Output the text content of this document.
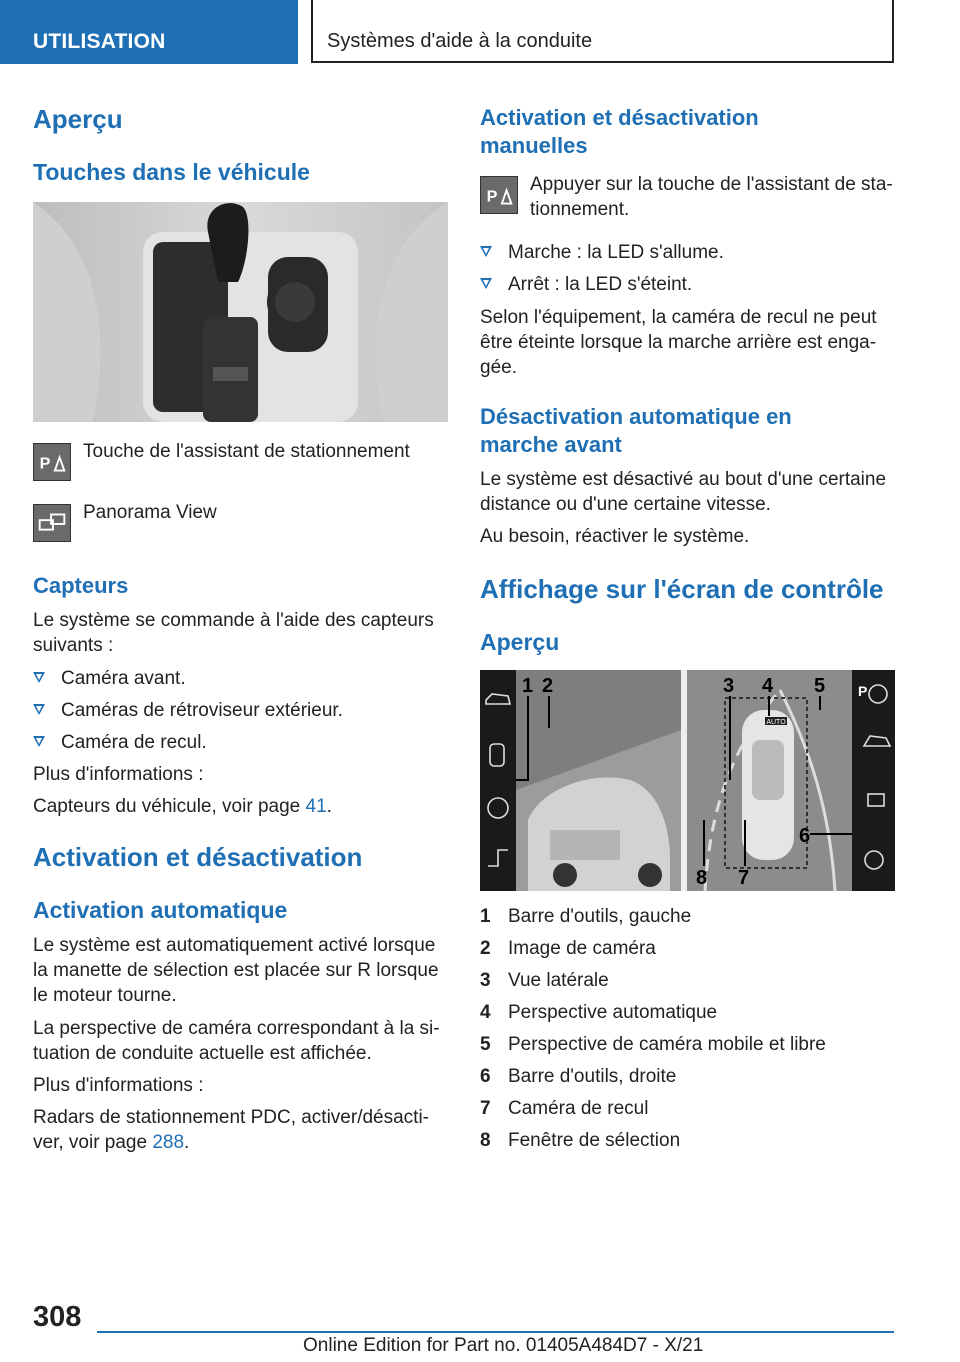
UTILISATION	Systèmes d'aide à la conduite
Aperçu
Touches dans le véhicule
P
Touche de l'assistant de stationnement
Panorama View
Capteurs
Le système se commande à l'aide des capteurs
suivants :
Caméra avant.
Caméras de rétroviseur extérieur.
Caméra de recul.
Plus d'informations :
Capteurs du véhicule, voir page 41.
Activation et désactivation
Activation automatique
Le système est automatiquement activé lorsque
la manette de sélection est placée sur R lorsque
le moteur tourne.
La perspective de caméra correspondant à la si-
tuation de conduite actuelle est affichée.
Plus d'informations :
Radars de stationnement PDC, activer/désacti-
ver, voir page 288.
Activation et désactivation
manuelles
P
Appuyer sur la touche de l'assistant de sta-
tionnement.
Marche : la LED s'allume.
Arrêt : la LED s'éteint.
Selon l'équipement, la caméra de recul ne peut
être éteinte lorsque la marche arrière est enga-
gée.
Désactivation automatique en
marche avant
Le système est désactivé au bout d'une certaine
distance ou d'une certaine vitesse.
Au besoin, réactiver le système.
Affichage sur l'écran de contrôle
Aperçu
AUTO
P
1 2	3 4 5
6
7
8
1 Barre d'outils, gauche
2 Image de caméra
3 Vue latérale
4 Perspective automatique
5 Perspective de caméra mobile et libre
6 Barre d'outils, droite
7 Caméra de recul
8 Fenêtre de sélection
308
Online Edition for Part no. 01405A484D7 - X/21
